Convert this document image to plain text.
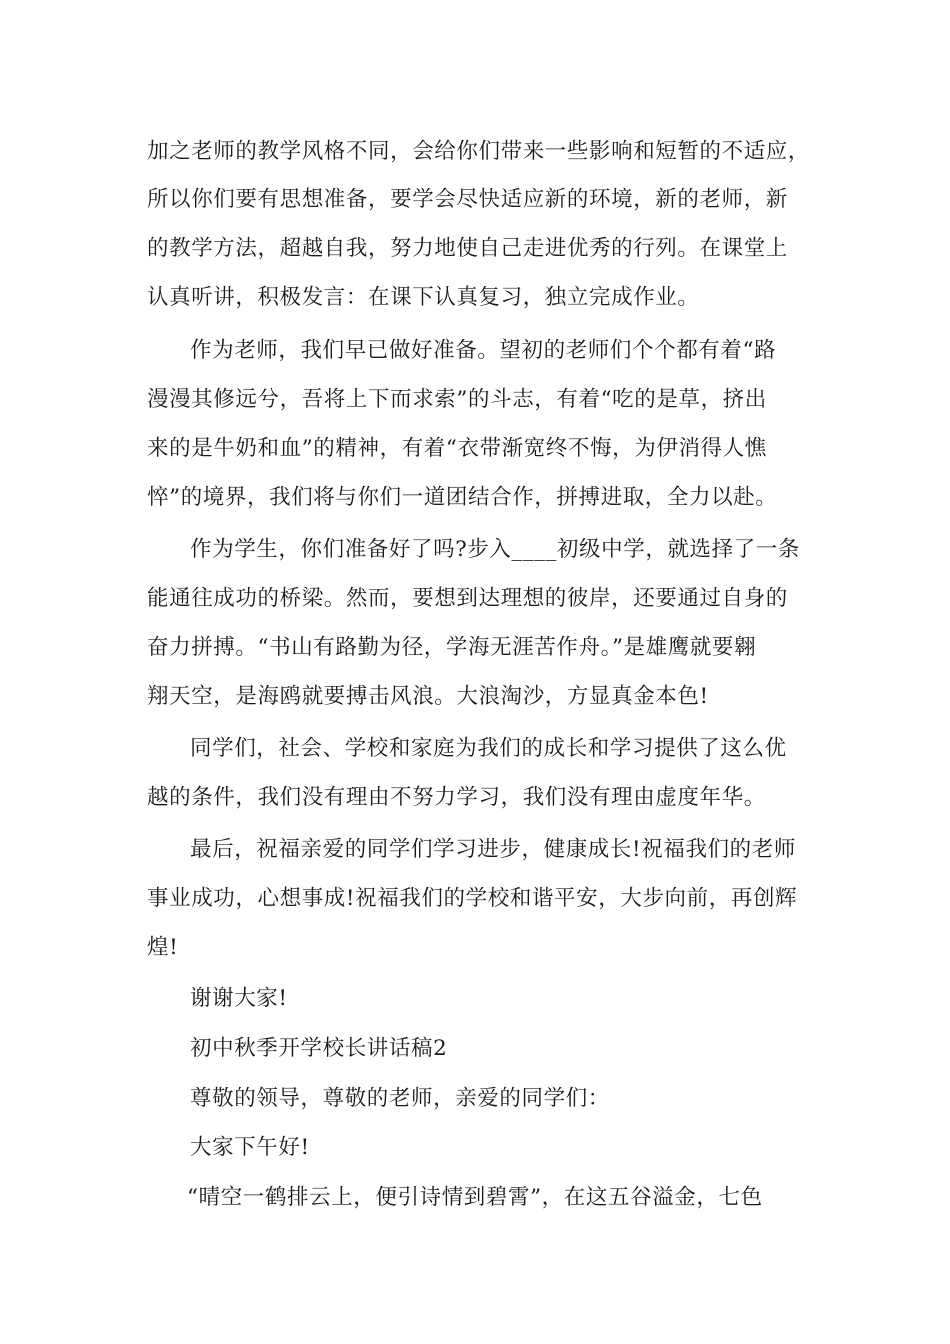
加之老师的教学风格不同，会给你们带来一些影响和短暂的不适应，
所以你们要有思想准备，要学会尽快适应新的环境，新的老师，新
的教学方法，超越自我，努力地使自己走进优秀的行列。在课堂上
认真听讲，积极发言：在课下认真复习，独立完成作业。
作为老师，我们早已做好准备。望初的老师们个个都有着“路
漫漫其修远兮，吾将上下而求索”的斗志，有着“吃的是草，挤出
来的是牛奶和血”的精神，有着“衣带渐宽终不悔，为伊消得人憔
悴”的境界，我们将与你们一道团结合作，拼搏进取，全力以赴。
作为学生，你们准备好了吗?步入____初级中学，就选择了一条
能通往成功的桥梁。然而，要想到达理想的彼岸，还要通过自身的
奋力拼搏。“书山有路勤为径，学海无涯苦作舟。”是雄鹰就要翱
翔天空，是海鸥就要搏击风浪。大浪淘沙，方显真金本色!
同学们，社会、学校和家庭为我们的成长和学习提供了这么优
越的条件，我们没有理由不努力学习，我们没有理由虚度年华。
最后，祝福亲爱的同学们学习进步，健康成长!祝福我们的老师
事业成功，心想事成!祝福我们的学校和谐平安，大步向前，再创辉
煌!
谢谢大家!
初中秋季开学校长讲话稿2
尊敬的领导，尊敬的老师，亲爱的同学们：
大家下午好!
“晴空一鹤排云上，便引诗情到碧霄”，在这五谷溢金，七色
